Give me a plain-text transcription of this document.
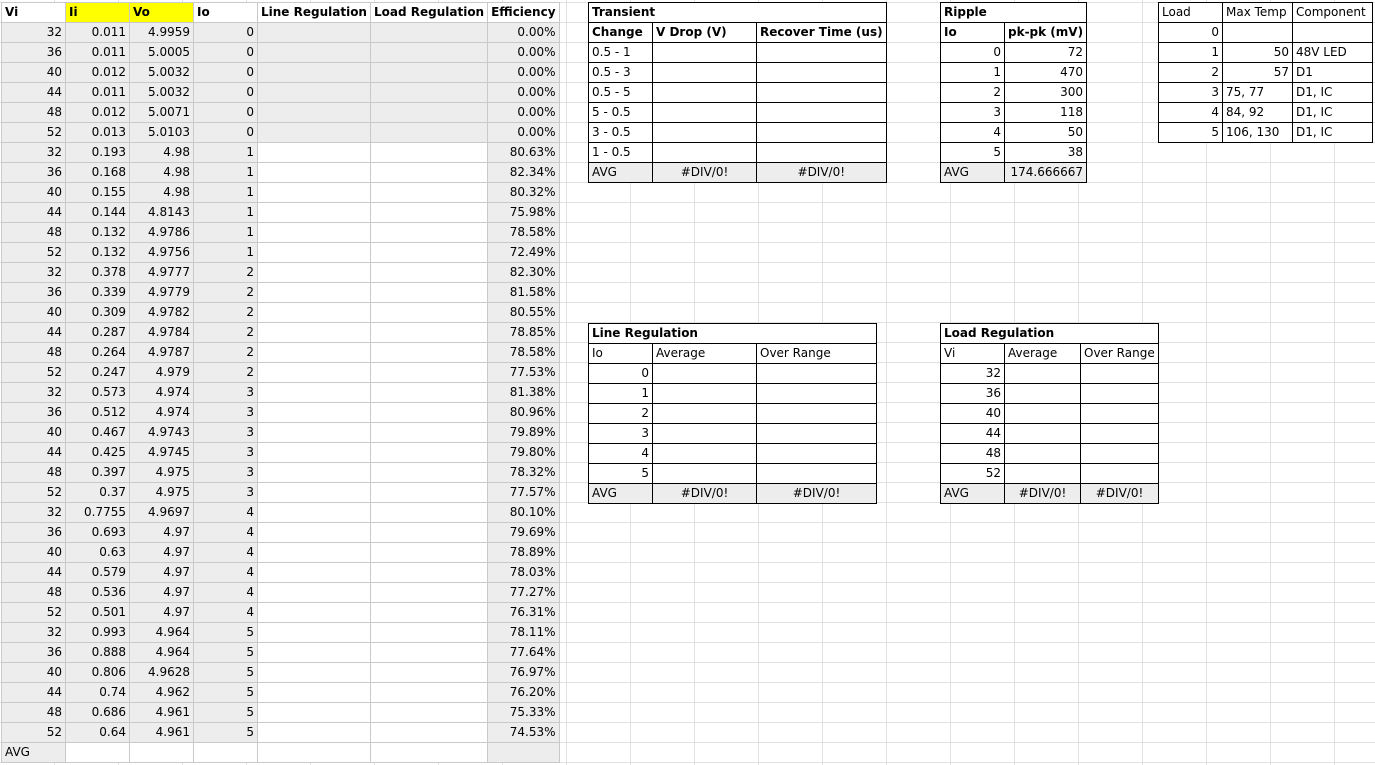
Vi	Ii	Vo	Io	Line Regulation	Load Regulation	Efficiency
32	0.011	4.9959	0			0.00%
36	0.011	5.0005	0			0.00%
40	0.012	5.0032	0			0.00%
44	0.011	5.0032	0			0.00%
48	0.012	5.0071	0			0.00%
52	0.013	5.0103	0			0.00%
32	0.193	4.98	1			80.63%
36	0.168	4.98	1			82.34%
40	0.155	4.98	1			80.32%
44	0.144	4.8143	1			75.98%
48	0.132	4.9786	1			78.58%
52	0.132	4.9756	1			72.49%
32	0.378	4.9777	2			82.30%
36	0.339	4.9779	2			81.58%
40	0.309	4.9782	2			80.55%
44	0.287	4.9784	2			78.85%
48	0.264	4.9787	2			78.58%
52	0.247	4.979	2			77.53%
32	0.573	4.974	3			81.38%
36	0.512	4.974	3			80.96%
40	0.467	4.9743	3			79.89%
44	0.425	4.9745	3			79.80%
48	0.397	4.975	3			78.32%
52	0.37	4.975	3			77.57%
32	0.7755	4.9697	4			80.10%
36	0.693	4.97	4			79.69%
40	0.63	4.97	4			78.89%
44	0.579	4.97	4			78.03%
48	0.536	4.97	4			77.27%
52	0.501	4.97	4			76.31%
32	0.993	4.964	5			78.11%
36	0.888	4.964	5			77.64%
40	0.806	4.9628	5			76.97%
44	0.74	4.962	5			76.20%
48	0.686	4.961	5			75.33%
52	0.64	4.961	5			74.53%
AVG						
Transient		
Change	V Drop (V)	Recover Time (us)
0.5 - 1		
0.5 - 3		
0.5 - 5		
5 - 0.5		
3 - 0.5		
1 - 0.5		
AVG	#DIV/0!	#DIV/0!
Ripple	
Io	pk-pk (mV)
0	72
1	470
2	300
3	118
4	50
5	38
AVG	174.666667
Load	Max Temp	Component
0		
1	50	48V LED
2	57	D1
3	75, 77	D1, IC
4	84, 92	D1, IC
5	106, 130	D1, IC
Line Regulation		
Io	Average	Over Range
0		
1		
2		
3		
4		
5		
AVG	#DIV/0!	#DIV/0!
Load Regulation		
Vi	Average	Over Range
32		
36		
40		
44		
48		
52		
AVG	#DIV/0!	#DIV/0!
